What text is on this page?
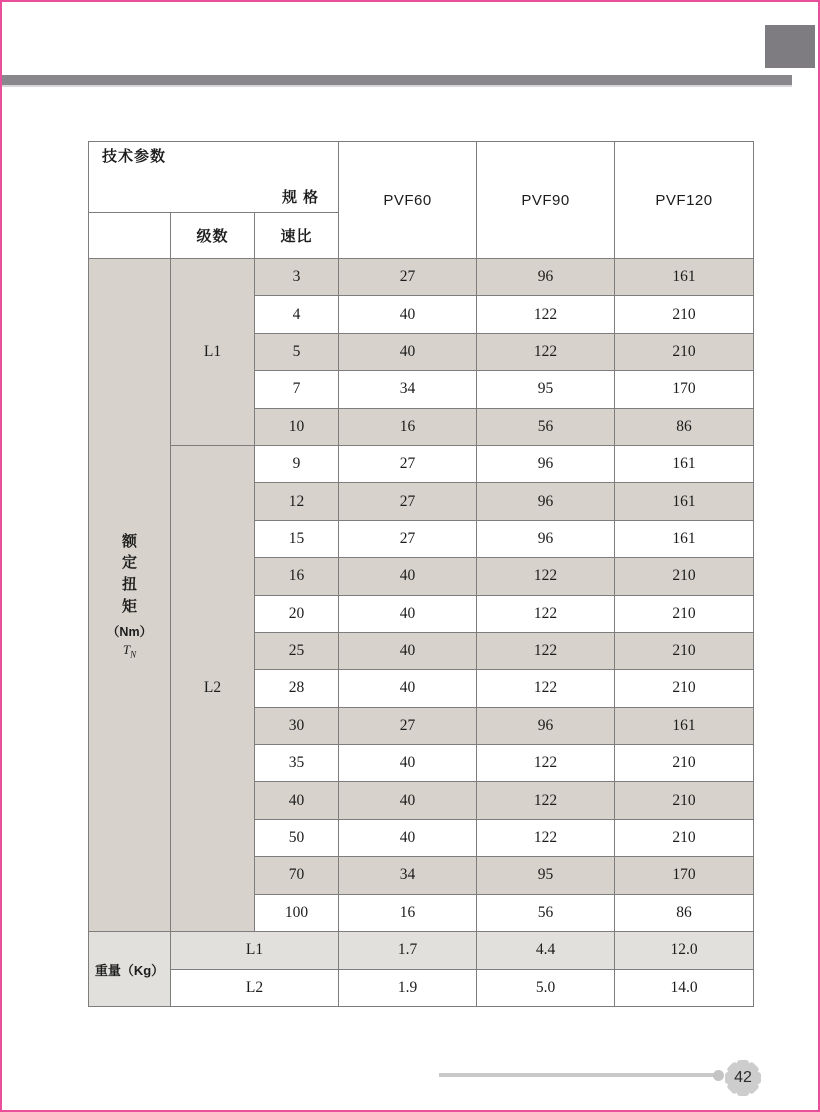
技术参数
规格			PVF60	PVF90	PVF120
	级数	速比			

额定扭矩
（Nm）
$T_N$	L1	3	27	96	161
		4	40	122	210
		5	40	122	210
		7	34	95	170
		10	16	56	86
	L2	9	27	96	161
		12	27	96	161
		15	27	96	161
		16	40	122	210
		20	40	122	210
		25	40	122	210
		28	40	122	210
		30	27	96	161
		35	40	122	210
		40	40	122	210
		50	40	122	210
		70	34	95	170
		100	16	56	86
重量（Kg）	L1		1.7	4.4	12.0
	L2		1.9	5.0	14.0
42
